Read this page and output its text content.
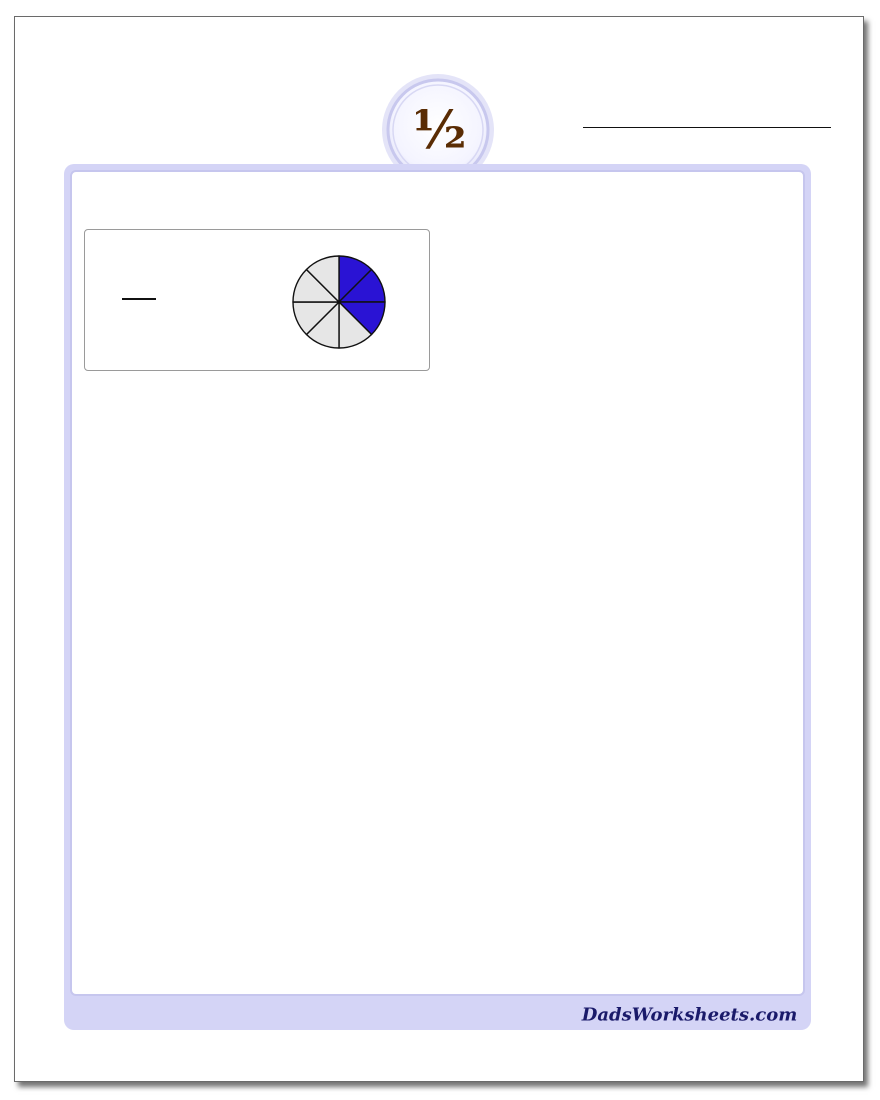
½
DadsWorksheets.com
